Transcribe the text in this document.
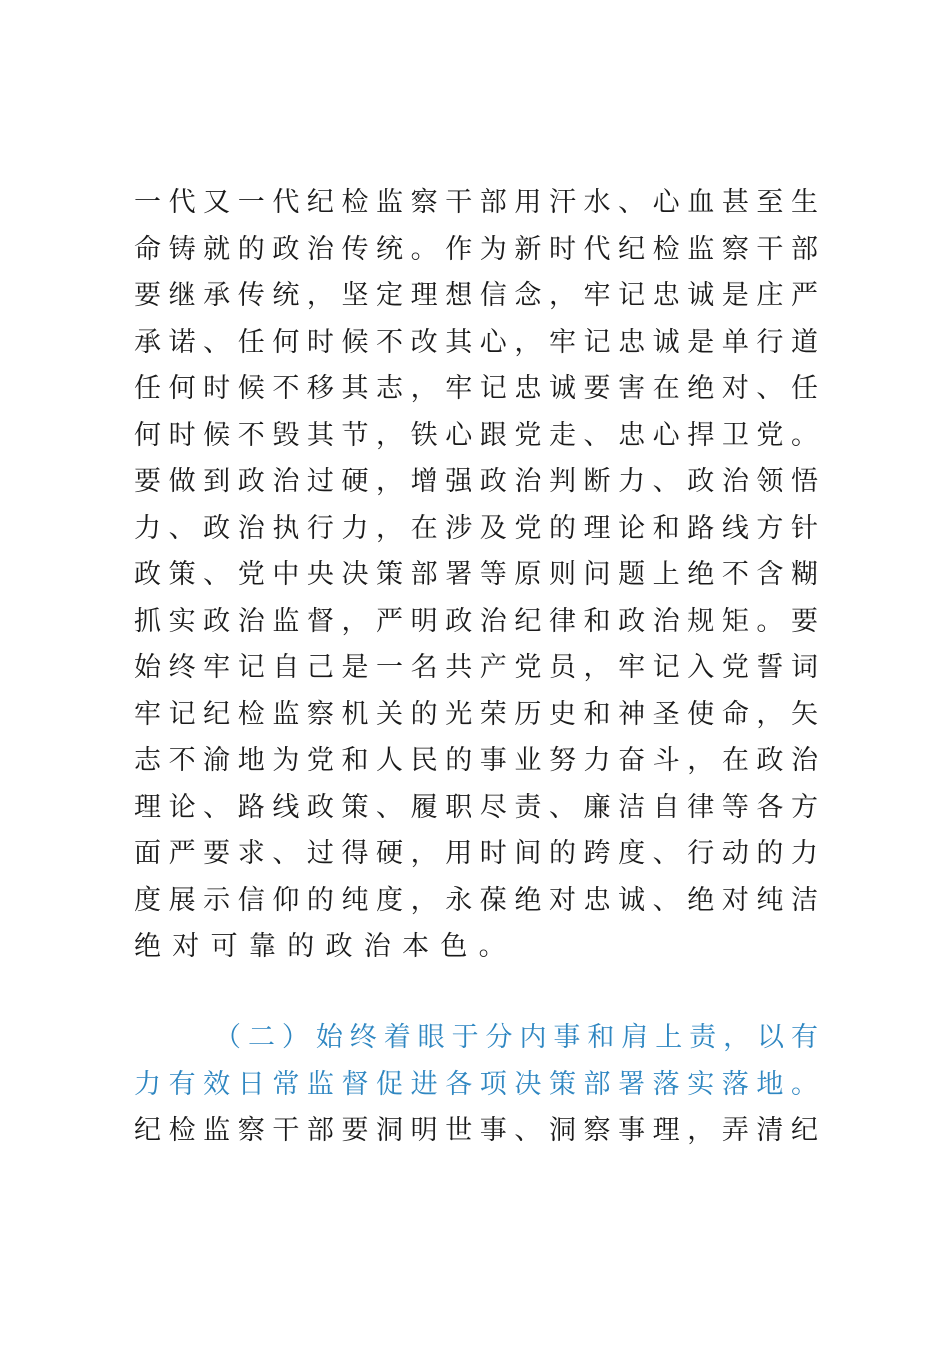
一 代 又 一 代 纪 检 监 察 干 部 用 汗 水 、 心 血 甚 至 生
命 铸 就 的 政 治 传 统 。 作 为 新 时 代 纪 检 监 察 干 部
要 继 承 传 统 ， 坚 定 理 想 信 念 ， 牢 记 忠 诚 是 庄 严
承 诺 、 任 何 时 候 不 改 其 心 ， 牢 记 忠 诚 是 单 行 道
任 何 时 候 不 移 其 志 ， 牢 记 忠 诚 要 害 在 绝 对 、 任
何 时 候 不 毁 其 节 ， 铁 心 跟 党 走 、 忠 心 捍 卫 党 。
要 做 到 政 治 过 硬 ， 增 强 政 治 判 断 力 、 政 治 领 悟
力 、 政 治 执 行 力 ， 在 涉 及 党 的 理 论 和 路 线 方 针
政 策 、 党 中 央 决 策 部 署 等 原 则 问 题 上 绝 不 含 糊
抓 实 政 治 监 督 ， 严 明 政 治 纪 律 和 政 治 规 矩 。 要
始 终 牢 记 自 己 是 一 名 共 产 党 员 ， 牢 记 入 党 誓 词
牢 记 纪 检 监 察 机 关 的 光 荣 历 史 和 神 圣 使 命 ， 矢
志 不 渝 地 为 党 和 人 民 的 事 业 努 力 奋 斗 ， 在 政 治
理 论 、 路 线 政 策 、 履 职 尽 责 、 廉 洁 自 律 等 各 方
面 严 要 求 、 过 得 硬 ， 用 时 间 的 跨 度 、 行 动 的 力
度 展 示 信 仰 的 纯 度 ， 永 葆 绝 对 忠 诚 、 绝 对 纯 洁
绝 对 可 靠 的 政 治 本 色 。
（ 二 ） 始 终 着 眼 于 分 内 事 和 肩 上 责 ， 以 有
力 有 效 日 常 监 督 促 进 各 项 决 策 部 署 落 实 落 地 。
纪 检 监 察 干 部 要 洞 明 世 事 、 洞 察 事 理 ， 弄 清 纪
